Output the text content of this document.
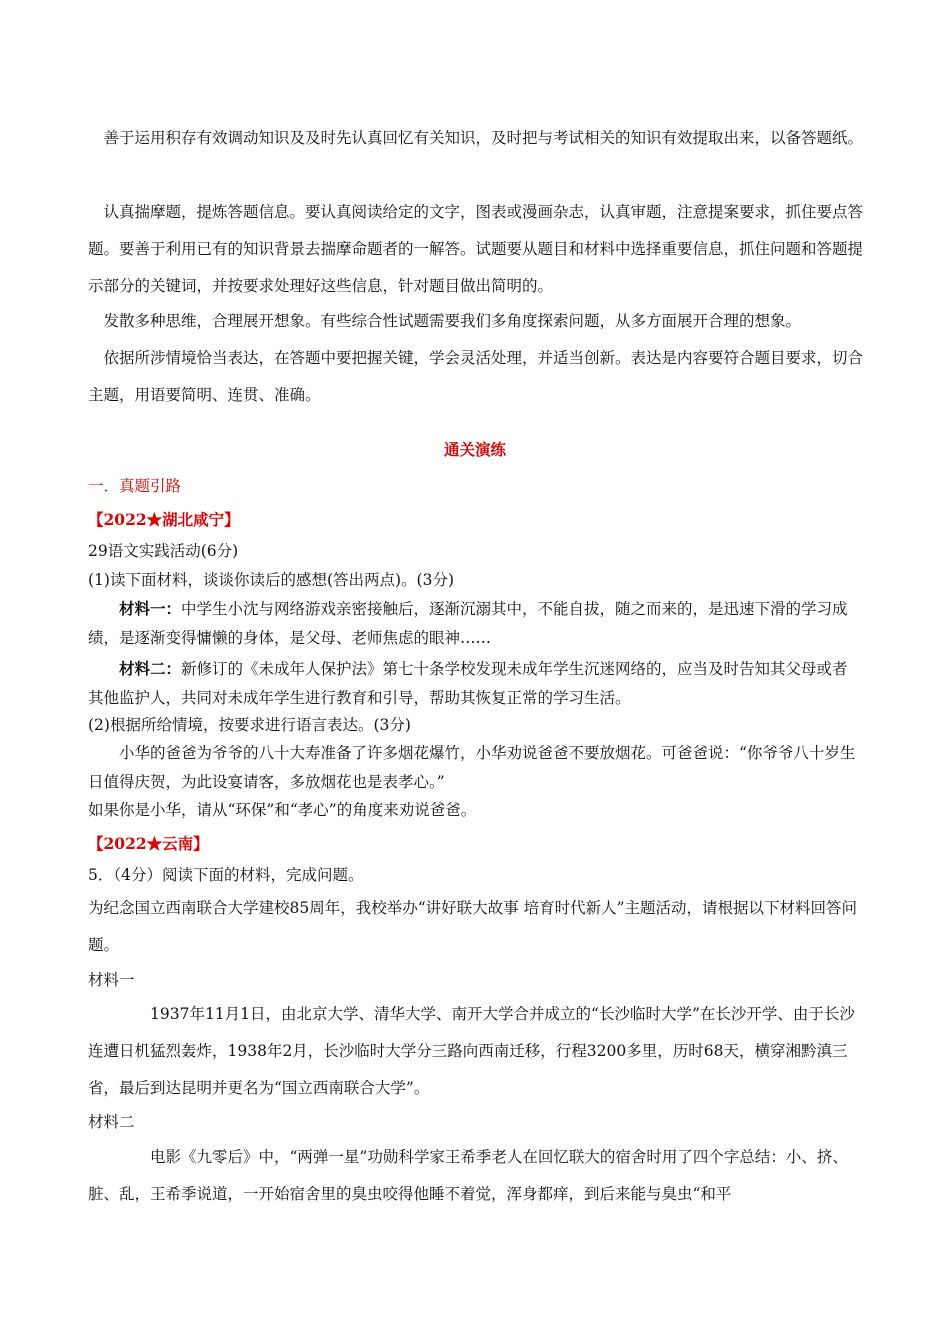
善于运用积存有效调动知识及及时先认真回忆有关知识，及时把与考试相关的知识有效提取出来，以备答题纸。

认真揣摩题，提炼答题信息。要认真阅读给定的文字，图表或漫画杂志，认真审题，注意提案要求，抓住要点答题。要善于利用已有的知识背景去揣摩命题者的一解答。试题要从题目和材料中选择重要信息，抓住问题和答题提示部分的关键词，并按要求处理好这些信息，针对题目做出简明的。

发散多种思维，合理展开想象。有些综合性试题需要我们多角度探索问题，从多方面展开合理的想象。

依据所涉情境恰当表达，在答题中要把握关键，学会灵活处理，并适当创新。表达是内容要符合题目要求，切合主题，用语要简明、连贯、准确。

通关演练

一．真题引路

【2022★湖北咸宁】

29语文实践活动(6分)

(1)读下面材料，谈谈你读后的感想(答出两点)。(3分)

材料一：中学生小沈与网络游戏亲密接触后，逐渐沉溺其中，不能自拔，随之而来的，是迅速下滑的学习成绩，是逐渐变得慵懒的身体，是父母、老师焦虑的眼神……

材料二：新修订的《未成年人保护法》第七十条学校发现未成年学生沉迷网络的，应当及时告知其父母或者其他监护人，共同对未成年学生进行教育和引导，帮助其恢复正常的学习生活。

(2)根据所给情境，按要求进行语言表达。(3分)

小华的爸爸为爷爷的八十大寿准备了许多烟花爆竹，小华劝说爸爸不要放烟花。可爸爸说：“你爷爷八十岁生日值得庆贺，为此设宴请客，多放烟花也是表孝心。”

如果你是小华，请从“环保”和“孝心”的角度来劝说爸爸。

【2022★云南】

5．（4分）阅读下面的材料，完成问题。

为纪念国立西南联合大学建校85周年，我校举办“讲好联大故事 培育时代新人”主题活动，请根据以下材料回答问题。

材料一

1937年11月1日，由北京大学、清华大学、南开大学合并成立的“长沙临时大学”在长沙开学、由于长沙连遭日机猛烈轰炸，1938年2月，长沙临时大学分三路向西南迁移，行程3200多里，历时68天，横穿湘黔滇三省，最后到达昆明并更名为“国立西南联合大学”。

材料二

电影《九零后》中，“两弹一星”功勋科学家王希季老人在回忆联大的宿舍时用了四个字总结：小、挤、脏、乱，王希季说道，一开始宿舍里的臭虫咬得他睡不着觉，浑身都痒，到后来能与臭虫“和平
